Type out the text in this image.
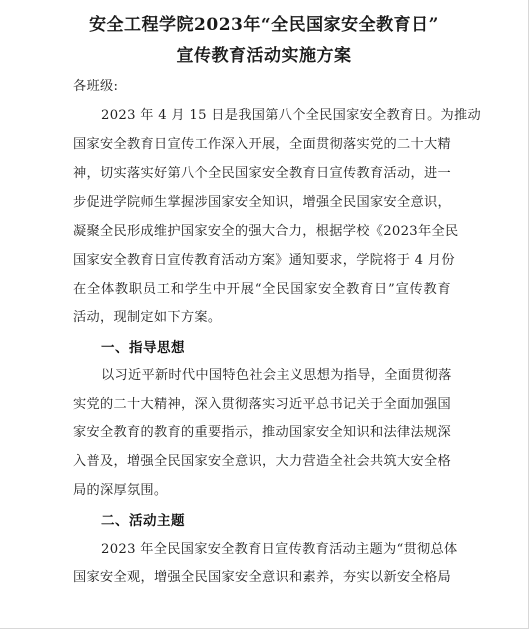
安全工程学院2023年“全民国家安全教育日”
宣传教育活动实施方案
各班级:
2023 年 4 月 15 日是我国第八个全民国家安全教育日。为推动
国家安全教育日宣传工作深入开展，全面贯彻落实党的二十大精
神，切实落实好第八个全民国家安全教育日宣传教育活动，进一
步促进学院师生掌握涉国家安全知识，增强全民国家安全意识，
凝聚全民形成维护国家安全的强大合力，根据学校《2023年全民
国家安全教育日宣传教育活动方案》通知要求，学院将于 4 月份
在全体教职员工和学生中开展“全民国家安全教育日”宣传教育
活动，现制定如下方案。
一、指导思想
以习近平新时代中国特色社会主义思想为指导，全面贯彻落
实党的二十大精神，深入贯彻落实习近平总书记关于全面加强国
家安全教育的教育的重要指示，推动国家安全知识和法律法规深
入普及，增强全民国家安全意识，大力营造全社会共筑大安全格
局的深厚氛围。
二、活动主题
2023 年全民国家安全教育日宣传教育活动主题为“贯彻总体
国家安全观，增强全民国家安全意识和素养，夯实以新安全格局
